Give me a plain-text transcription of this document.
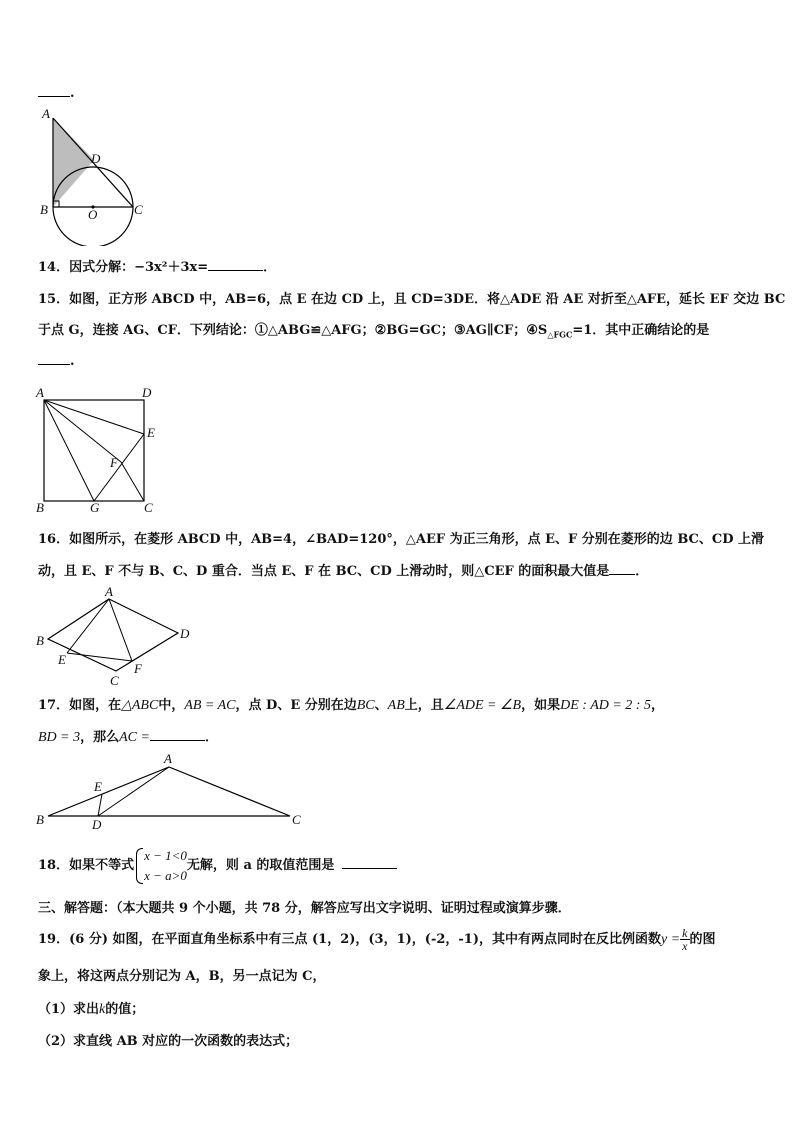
.
A
B	C
D
O
14．因式分解：−3x²＋3x=	．
15．如图，正方形 ABCD 中，AB=6，点 E 在边 CD 上，且 CD=3DE．将△ADE 沿 AE 对折至△AFE，延长 EF 交边 BC
于点 G，连接 AG、CF．下列结论：①△ABG≌△AFG；②BG=GC；③AG∥CF；$④S_{\triangle FGC}=1$．其中正确结论的是
.
A	D
E
F
B	G	C
16．如图所示，在菱形 ABCD 中，AB=4，∠BAD=120°，△AEF 为正三角形，点 E、F 分别在菱形的边 BC、CD 上滑
动，且 E、F 不与 B、C、D 重合．当点 E、F 在 BC、CD 上滑动时，则△CEF 的面积最大值是 ．
A
B	D
E
F
C
17．如图，在△ABC中，AB = AC，点 D、E 分别在边BC、AB上，且∠ADE = ∠B，如果DE : AD = 2 : 5，
BD = 3，那么AC =	．
A
E
B	D	C
18．如果不等式
x − 1<0
x − a>0
无解，则 a 的取值范围是
三、解答题：（本大题共 9 个小题，共 78 分，解答应写出文字说明、证明过程或演算步骤．
19．(6 分) 如图，在平面直角坐标系中有三点 (1，2)，(3，1)，(-2，-1)，其中有两点同时在反比例函数$y = \frac{k}{x}$ 的图
象上，将这两点分别记为 A，B，另一点记为 C，
（1）求出k的值；
（2）求直线 AB 对应的一次函数的表达式；
